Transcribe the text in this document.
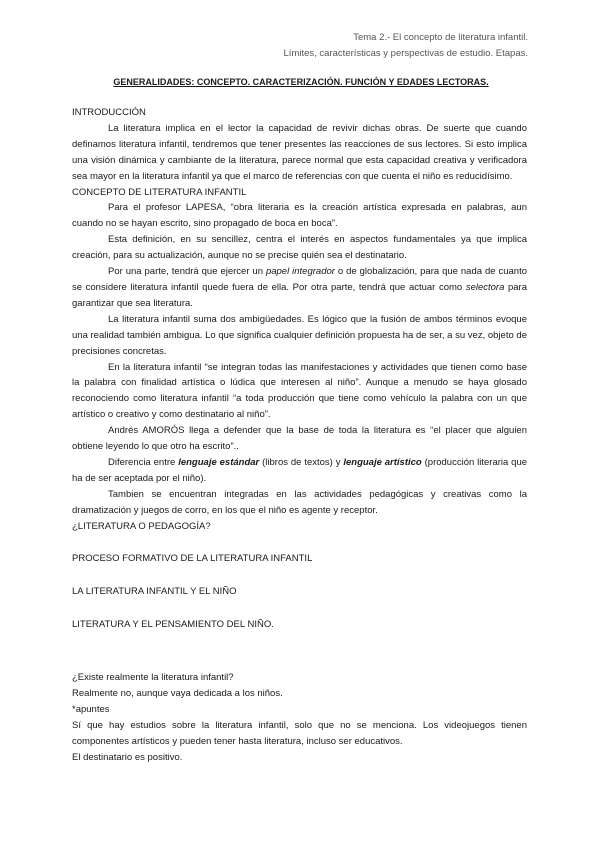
Tema 2.- El concepto de literatura infantil.
Límites, características y perspectivas de estudio. Etapas.
GENERALIDADES: CONCEPTO. CARACTERIZACIÓN. FUNCIÓN Y EDADES LECTORAS.

INTRODUCCIÓN

La literatura implica en el lector la capacidad de revivir dichas obras. De suerte que cuando definamos literatura infantil, tendremos que tener presentes las reacciones de sus lectores. Si esto implica una visión dinámica y cambiante de la literatura, parece normal que esta capacidad creativa y verificadora sea mayor en la literatura infantil ya que el marco de referencias con que cuenta el niño es reducidísimo.

CONCEPTO DE LITERATURA INFANTIL

Para el profesor LAPESA, “obra literaria es la creación artística expresada en palabras, aun cuando no se hayan escrito, sino propagado de boca en boca”.

Esta definición, en su sencillez, centra el interés en aspectos fundamentales ya que implica creación, para su actualización, aunque no se precise quién sea el destinatario.

Por una parte, tendrá que ejercer un papel integrador o de globalización, para que nada de cuanto se considere literatura infantil quede fuera de ella. Por otra parte, tendrá que actuar como selectora para garantizar que sea literatura.

La literatura infantil suma dos ambigüedades. Es lógico que la fusión de ambos términos evoque una realidad también ambigua. Lo que significa cualquier definición propuesta ha de ser, a su vez, objeto de precisiones concretas.

En la literatura infantil “se integran todas las manifestaciones y actividades que tienen como base la palabra con finalidad artística o lúdica que interesen al niño”. Aunque a menudo se haya glosado reconociendo como literatura infantil “a toda producción que tiene como vehículo la palabra con un que artístico o creativo y como destinatario al niño”.

Andrés AMORÓS llega a defender que la base de toda la literatura es “el placer que alguien obtiene leyendo lo que otro ha escrito”..

Diferencia entre lenguaje estándar (libros de textos) y lenguaje artístico (producción literaria que ha de ser aceptada por el niño).

Tambien se encuentran integradas en las actividades pedagógicas y creativas como la dramatización y juegos de corro, en los que el niño es agente y receptor.

¿LITERATURA O PEDAGOGÍA?

PROCESO FORMATIVO DE LA LITERATURA INFANTIL

LA LITERATURA INFANTIL Y EL NIÑO

LITERATURA Y EL PENSAMIENTO DEL NIÑO.

¿Existe realmente la literatura infantil?

Realmente no, aunque vaya dedicada a los niños.

*apuntes

Sí que hay estudios sobre la literatura infantil, solo que no se menciona. Los videojuegos tienen componentes artísticos y pueden tener hasta literatura, incluso ser educativos.

El destinatario es positivo.
